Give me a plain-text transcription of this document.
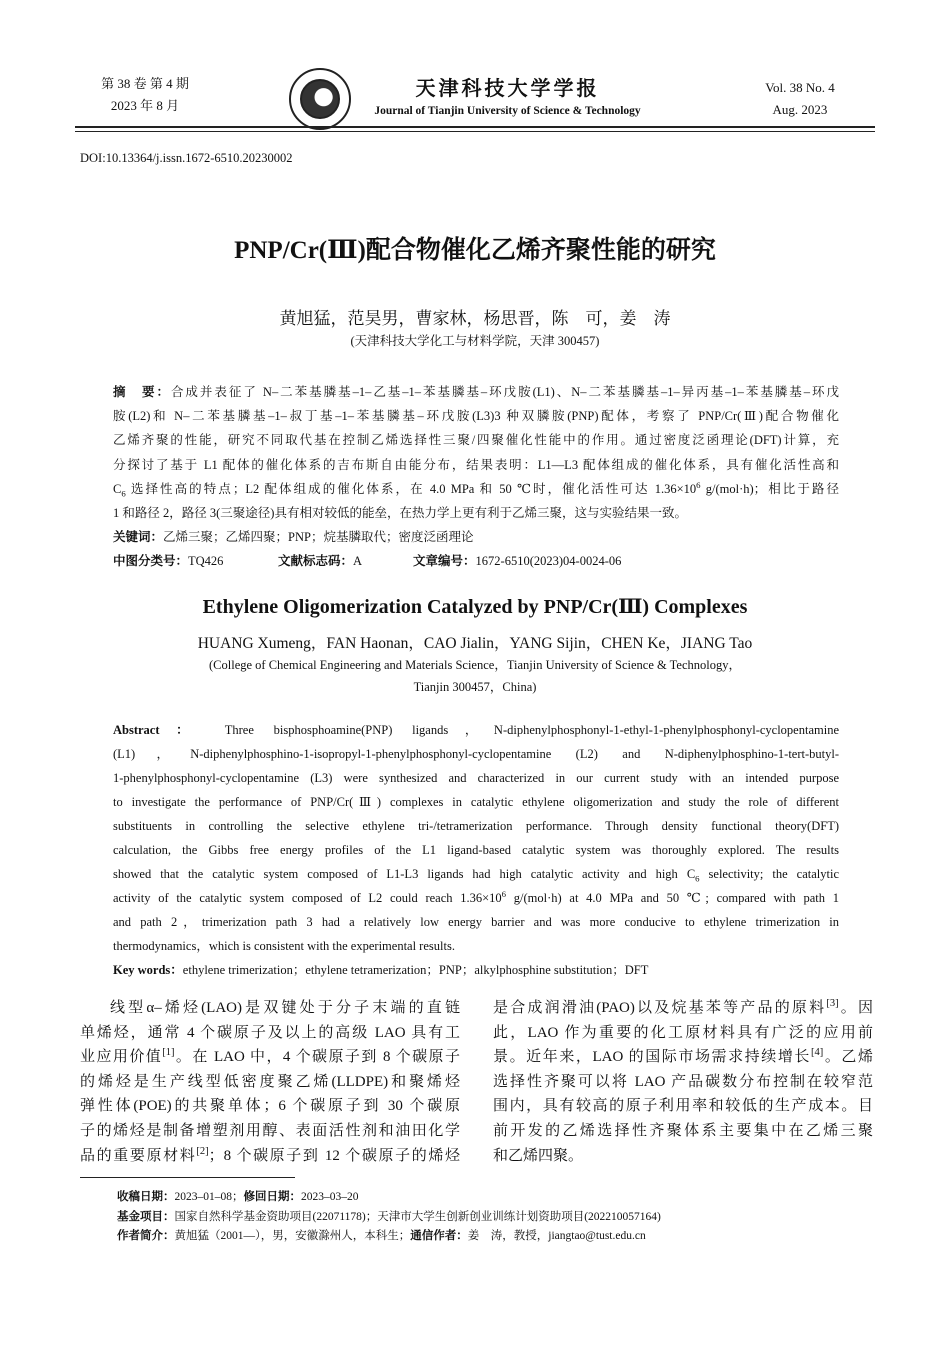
第 38 卷 第 4 期
2023 年 8 月
天津科技大学学报
Journal of Tianjin University of Science & Technology
Vol. 38 No. 4
Aug. 2023
DOI:10.13364/j.issn.1672-6510.20230002
PNP/Cr(Ⅲ)配合物催化乙烯齐聚性能的研究
黄旭猛，范昊男，曹家林，杨思晋，陈　可，姜　涛
(天津科技大学化工与材料学院，天津 300457)
摘　要：合成并表征了 N–二苯基膦基–1–乙基–1–苯基膦基–环戊胺(L1)、N–二苯基膦基–1–异丙基–1–苯基膦基–环戊
胺(L2)和 N–二苯基膦基–1–叔丁基–1–苯基膦基–环戊胺(L3)3 种双膦胺(PNP)配体，考察了 PNP/Cr(Ⅲ)配合物催化
乙烯齐聚的性能，研究不同取代基在控制乙烯选择性三聚/四聚催化性能中的作用。通过密度泛函理论(DFT)计算，充
分探讨了基于 L1 配体的催化体系的吉布斯自由能分布，结果表明：L1—L3 配体组成的催化体系，具有催化活性高和
$C_6$ 选择性高的特点；L2 配体组成的催化体系，在 4.0 MPa 和 50 ℃时，催化活性可达 $1.36\times 10^6$ g/(mol·h)；相比于路径
1 和路径 2，路径 3(三聚途径)具有相对较低的能垒，在热力学上更有利于乙烯三聚，这与实验结果一致。
关键词：乙烯三聚；乙烯四聚；PNP；烷基膦取代；密度泛函理论
中图分类号：TQ426	文献标志码：A	文章编号：1672-6510(2023)04-0024-06
Ethylene Oligomerization Catalyzed by PNP/Cr(Ⅲ) Complexes
HUANG Xumeng，FAN Haonan，CAO Jialin，YANG Sijin，CHEN Ke，JIANG Tao
(College of Chemical Engineering and Materials Science，Tianjin University of Science & Technology，
Tianjin 300457，China)
Abstract： Three bisphosphoamine(PNP) ligands，N-diphenylphosphonyl-1-ethyl-1-phenylphosphonyl-cyclopentamine
(L1)，N-diphenylphosphino-1-isopropyl-1-phenylphosphonyl-cyclopentamine (L2) and N-diphenylphosphino-1-tert-butyl-
1-phenylphosphonyl-cyclopentamine (L3) were synthesized and characterized in our current study with an intended purpose
to investigate the performance of PNP/Cr(Ⅲ) complexes in catalytic ethylene oligomerization and study the role of different
substituents in controlling the selective ethylene tri-/tetramerization performance. Through density functional theory(DFT)
calculation, the Gibbs free energy profiles of the L1 ligand-based catalytic system was thoroughly explored. The results
showed that the catalytic system composed of L1-L3 ligands had high catalytic activity and high $C_6$ selectivity; the catalytic
activity of the catalytic system composed of L2 could reach $1.36\times 10^6$ g/(mol·h) at 4.0 MPa and 50 ℃; compared with path 1
and path 2，trimerization path 3 had a relatively low energy barrier and was more conducive to ethylene trimerization in
thermodynamics，which is consistent with the experimental results.
Key words：ethylene trimerization；ethylene tetramerization；PNP；alkylphosphine substitution；DFT
线型α–烯烃(LAO)是双键处于分子末端的直链
单烯烃，通常 4 个碳原子及以上的高级 LAO 具有工
业应用价值[1]。在 LAO 中，4 个碳原子到 8 个碳原子
的烯烃是生产线型低密度聚乙烯(LLDPE)和聚烯烃
弹性体(POE)的共聚单体；6 个碳原子到 30 个碳原
子的烯烃是制备增塑剂用醇、表面活性剂和油田化学
品的重要原材料[2]；8 个碳原子到 12 个碳原子的烯烃
是合成润滑油(PAO)以及烷基苯等产品的原料[3]。因
此，LAO 作为重要的化工原材料具有广泛的应用前
景。近年来，LAO 的国际市场需求持续增长[4]。乙烯
选择性齐聚可以将 LAO 产品碳数分布控制在较窄范
围内，具有较高的原子利用率和较低的生产成本。目
前开发的乙烯选择性齐聚体系主要集中在乙烯三聚
和乙烯四聚。
收稿日期：2023–01–08；修回日期：2023–03–20
基金项目：国家自然科学基金资助项目(22071178)；天津市大学生创新创业训练计划资助项目(202210057164)
作者简介：黄旭猛（2001—），男，安徽滁州人，本科生；通信作者：姜　涛，教授，jiangtao@tust.edu.cn
